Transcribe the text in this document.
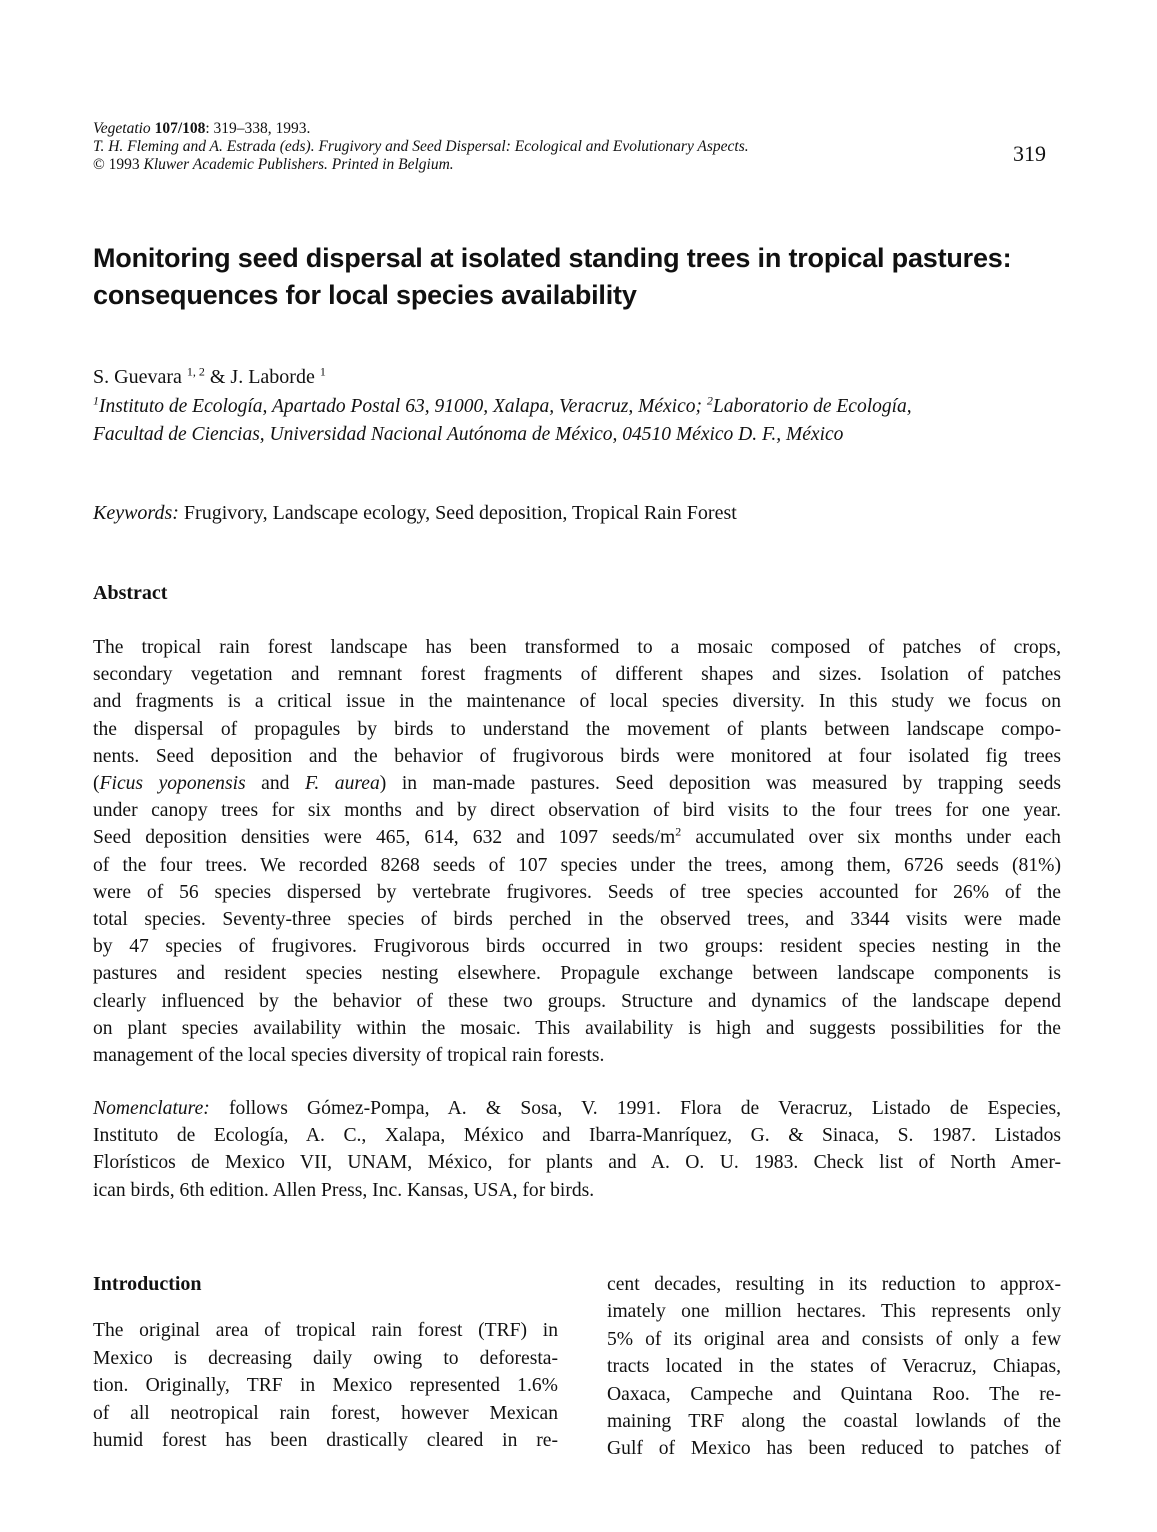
Vegetatio 107/108: 319–338, 1993.
T. H. Fleming and A. Estrada (eds). Frugivory and Seed Dispersal: Ecological and Evolutionary Aspects.
© 1993 Kluwer Academic Publishers. Printed in Belgium.	319
Monitoring seed dispersal at isolated standing trees in tropical pastures:
consequences for local species availability
S. Guevara $^{1, 2}$ & J. Laborde $^1$
$^1$Instituto de Ecología, Apartado Postal 63, 91000, Xalapa, Veracruz, México; $^2$Laboratorio de Ecología,
Facultad de Ciencias, Universidad Nacional Autónoma de México, 04510 México D. F., México
Keywords: Frugivory, Landscape ecology, Seed deposition, Tropical Rain Forest
Abstract
The tropical rain forest landscape has been transformed to a mosaic composed of patches of crops,
secondary vegetation and remnant forest fragments of different shapes and sizes. Isolation of patches
and fragments is a critical issue in the maintenance of local species diversity. In this study we focus on
the dispersal of propagules by birds to understand the movement of plants between landscape compo-
nents. Seed deposition and the behavior of frugivorous birds were monitored at four isolated fig trees
(Ficus yoponensis and F. aurea) in man-made pastures. Seed deposition was measured by trapping seeds
under canopy trees for six months and by direct observation of bird visits to the four trees for one year.
Seed deposition densities were 465, 614, 632 and 1097 seeds/$m^2$ accumulated over six months under each
of the four trees. We recorded 8268 seeds of 107 species under the trees, among them, 6726 seeds (81%)
were of 56 species dispersed by vertebrate frugivores. Seeds of tree species accounted for 26% of the
total species. Seventy-three species of birds perched in the observed trees, and 3344 visits were made
by 47 species of frugivores. Frugivorous birds occurred in two groups: resident species nesting in the
pastures and resident species nesting elsewhere. Propagule exchange between landscape components is
clearly influenced by the behavior of these two groups. Structure and dynamics of the landscape depend
on plant species availability within the mosaic. This availability is high and suggests possibilities for the
management of the local species diversity of tropical rain forests.
Nomenclature: follows Gómez-Pompa, A. & Sosa, V. 1991. Flora de Veracruz, Listado de Especies,
Instituto de Ecología, A. C., Xalapa, México and Ibarra-Manríquez, G. & Sinaca, S. 1987. Listados
Florísticos de Mexico VII, UNAM, México, for plants and A. O. U. 1983. Check list of North Amer-
ican birds, 6th edition. Allen Press, Inc. Kansas, USA, for birds.
Introduction
The original area of tropical rain forest (TRF) in
Mexico is decreasing daily owing to deforesta-
tion. Originally, TRF in Mexico represented 1.6%
of all neotropical rain forest, however Mexican
humid forest has been drastically cleared in re-
cent decades, resulting in its reduction to approx-
imately one million hectares. This represents only
5% of its original area and consists of only a few
tracts located in the states of Veracruz, Chiapas,
Oaxaca, Campeche and Quintana Roo. The re-
maining TRF along the coastal lowlands of the
Gulf of Mexico has been reduced to patches of
